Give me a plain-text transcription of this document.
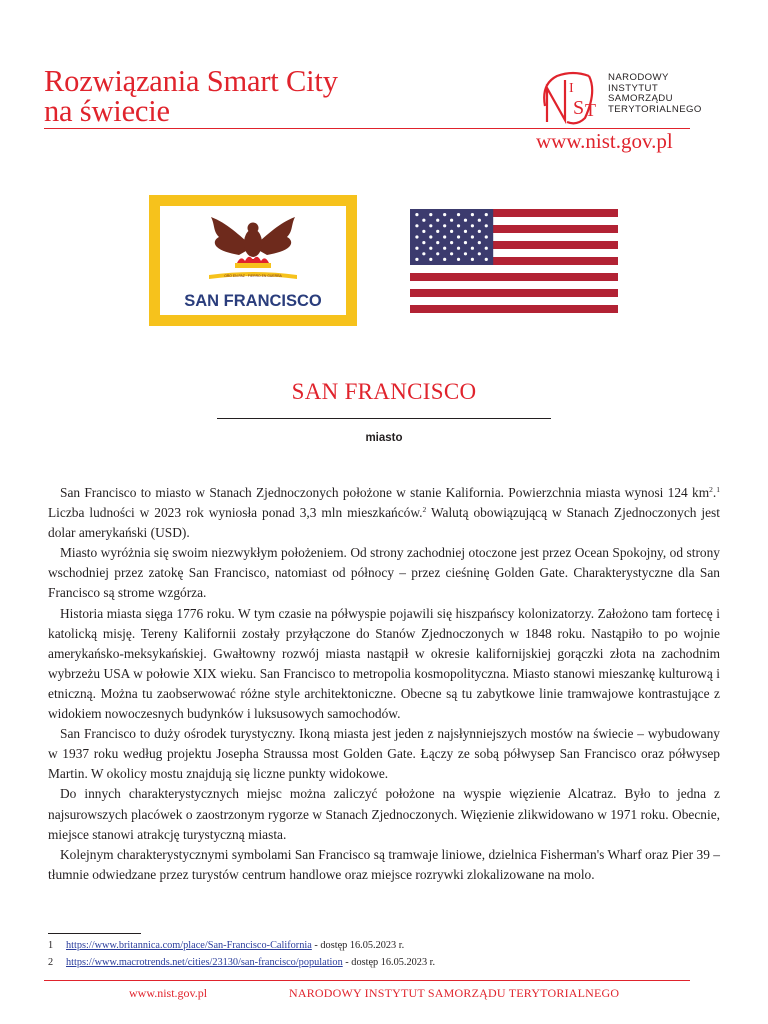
Rozwiązania Smart City
na świecie
I
S T
NARODOWY
INSTYTUT
SAMORZĄDU
TERYTORIALNEGO
www.nist.gov.pl
ORO EN PAZ · FIERRO EN GUERRA
SAN FRANCISCO
SAN FRANCISCO
miasto

San Francisco to miasto w Stanach Zjednoczonych położone w stanie Kalifornia. Powierzchnia miasta wynosi 124 $km^2.^1$ Liczba ludności w 2023 rok wyniosła ponad 3,3 mln mieszkańców.$^2$ Walutą obowiązującą w Stanach Zjednoczonych jest dolar amerykański (USD).

Miasto wyróżnia się swoim niezwykłym położeniem. Od strony zachodniej otoczone jest przez Ocean Spokojny, od strony wschodniej przez zatokę San Francisco, natomiast od północy – przez cieśninę Golden Gate. Charakterystyczne dla San Francisco są strome wzgórza.

Historia miasta sięga 1776 roku. W tym czasie na półwyspie pojawili się hiszpańscy kolonizatorzy. Założono tam fortecę i katolicką misję. Tereny Kalifornii zostały przyłączone do Stanów Zjednoczonych w 1848 roku. Nastąpiło to po wojnie amerykańsko-meksykańskiej. Gwałtowny rozwój miasta nastąpił w okresie kalifornijskiej gorączki złota na zachodnim wybrzeżu USA w połowie XIX wieku. San Francisco to metropolia kosmopolityczna. Miasto stanowi mieszankę kulturową i etniczną. Można tu zaobserwować różne style architektoniczne. Obecne są tu zabytkowe linie tramwajowe kontrastujące z widokiem nowoczesnych budynków i luksusowych samochodów.

San Francisco to duży ośrodek turystyczny. Ikoną miasta jest jeden z najsłynniejszych mostów na świecie – wybudowany w 1937 roku według projektu Josepha Straussa most Golden Gate. Łączy ze sobą półwysep San Francisco oraz półwysep Martin. W okolicy mostu znajdują się liczne punkty widokowe.

Do innych charakterystycznych miejsc można zaliczyć położone na wyspie więzienie Alcatraz. Było to jedna z najsurowszych placówek o zaostrzonym rygorze w Stanach Zjednoczonych. Więzienie zlikwidowano w 1971 roku. Obecnie, miejsce stanowi atrakcję turystyczną miasta.

Kolejnym charakterystycznymi symbolami San Francisco są tramwaje liniowe, dzielnica Fisherman's Wharf oraz Pier 39 – tłumnie odwiedzane przez turystów centrum handlowe oraz miejsce rozrywki zlokalizowane na molo.

1	https://www.britannica.com/place/San-Francisco-California - dostęp 16.05.2023 r.
2	https://www.macrotrends.net/cities/23130/san-francisco/population - dostęp 16.05.2023 r.
www.nist.gov.pl	NARODOWY INSTYTUT SAMORZĄDU TERYTORIALNEGO
